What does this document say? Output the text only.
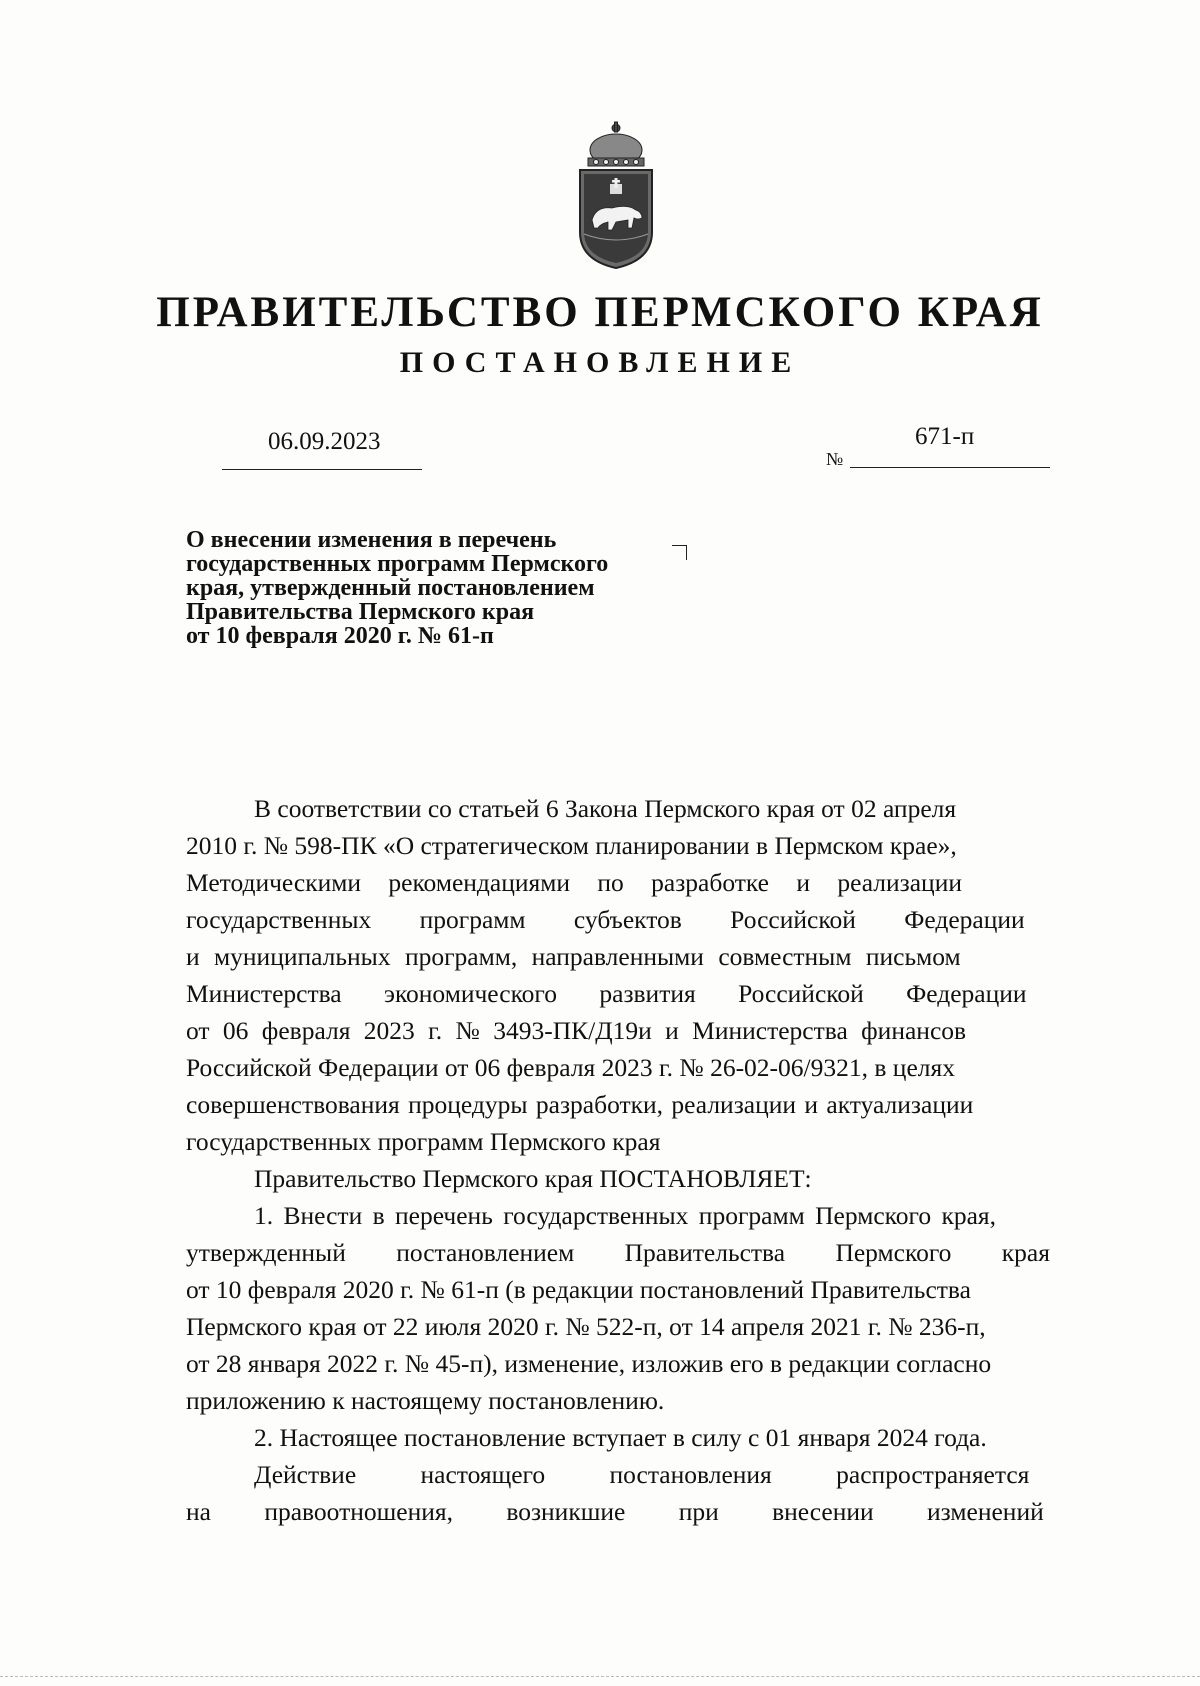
ПРАВИТЕЛЬСТВО ПЕРМСКОГО КРАЯ
ПОСТАНОВЛЕНИЕ
06.09.2023
№
671-п
О внесении изменения в перечень
государственных программ Пермского
края, утвержденный постановлением
Правительства Пермского края
от 10 февраля 2020 г. № 61-п

В соответствии со статьей 6 Закона Пермского края от 02 апреля
2010 г. № 598-ПК «О стратегическом планировании в Пермском крае»,
Методическими рекомендациями по разработке и реализации
государственных программ субъектов Российской Федерации
и муниципальных программ, направленными совместным письмом
Министерства экономического развития Российской Федерации
от 06 февраля 2023 г. № 3493-ПК/Д19и и Министерства финансов
Российской Федерации от 06 февраля 2023 г. № 26-02-06/9321, в целях
совершенствования процедуры разработки, реализации и актуализации
государственных программ Пермского края

Правительство Пермского края ПОСТАНОВЛЯЕТ:

1. Внести в перечень государственных программ Пермского края,
утвержденный постановлением Правительства Пермского края
от 10 февраля 2020 г. № 61-п (в редакции постановлений Правительства
Пермского края от 22 июля 2020 г. № 522-п, от 14 апреля 2021 г. № 236-п,
от 28 января 2022 г. № 45-п), изменение, изложив его в редакции согласно
приложению к настоящему постановлению.

2. Настоящее постановление вступает в силу с 01 января 2024 года.

Действие настоящего постановления распространяется
на правоотношения, возникшие при внесении изменений
